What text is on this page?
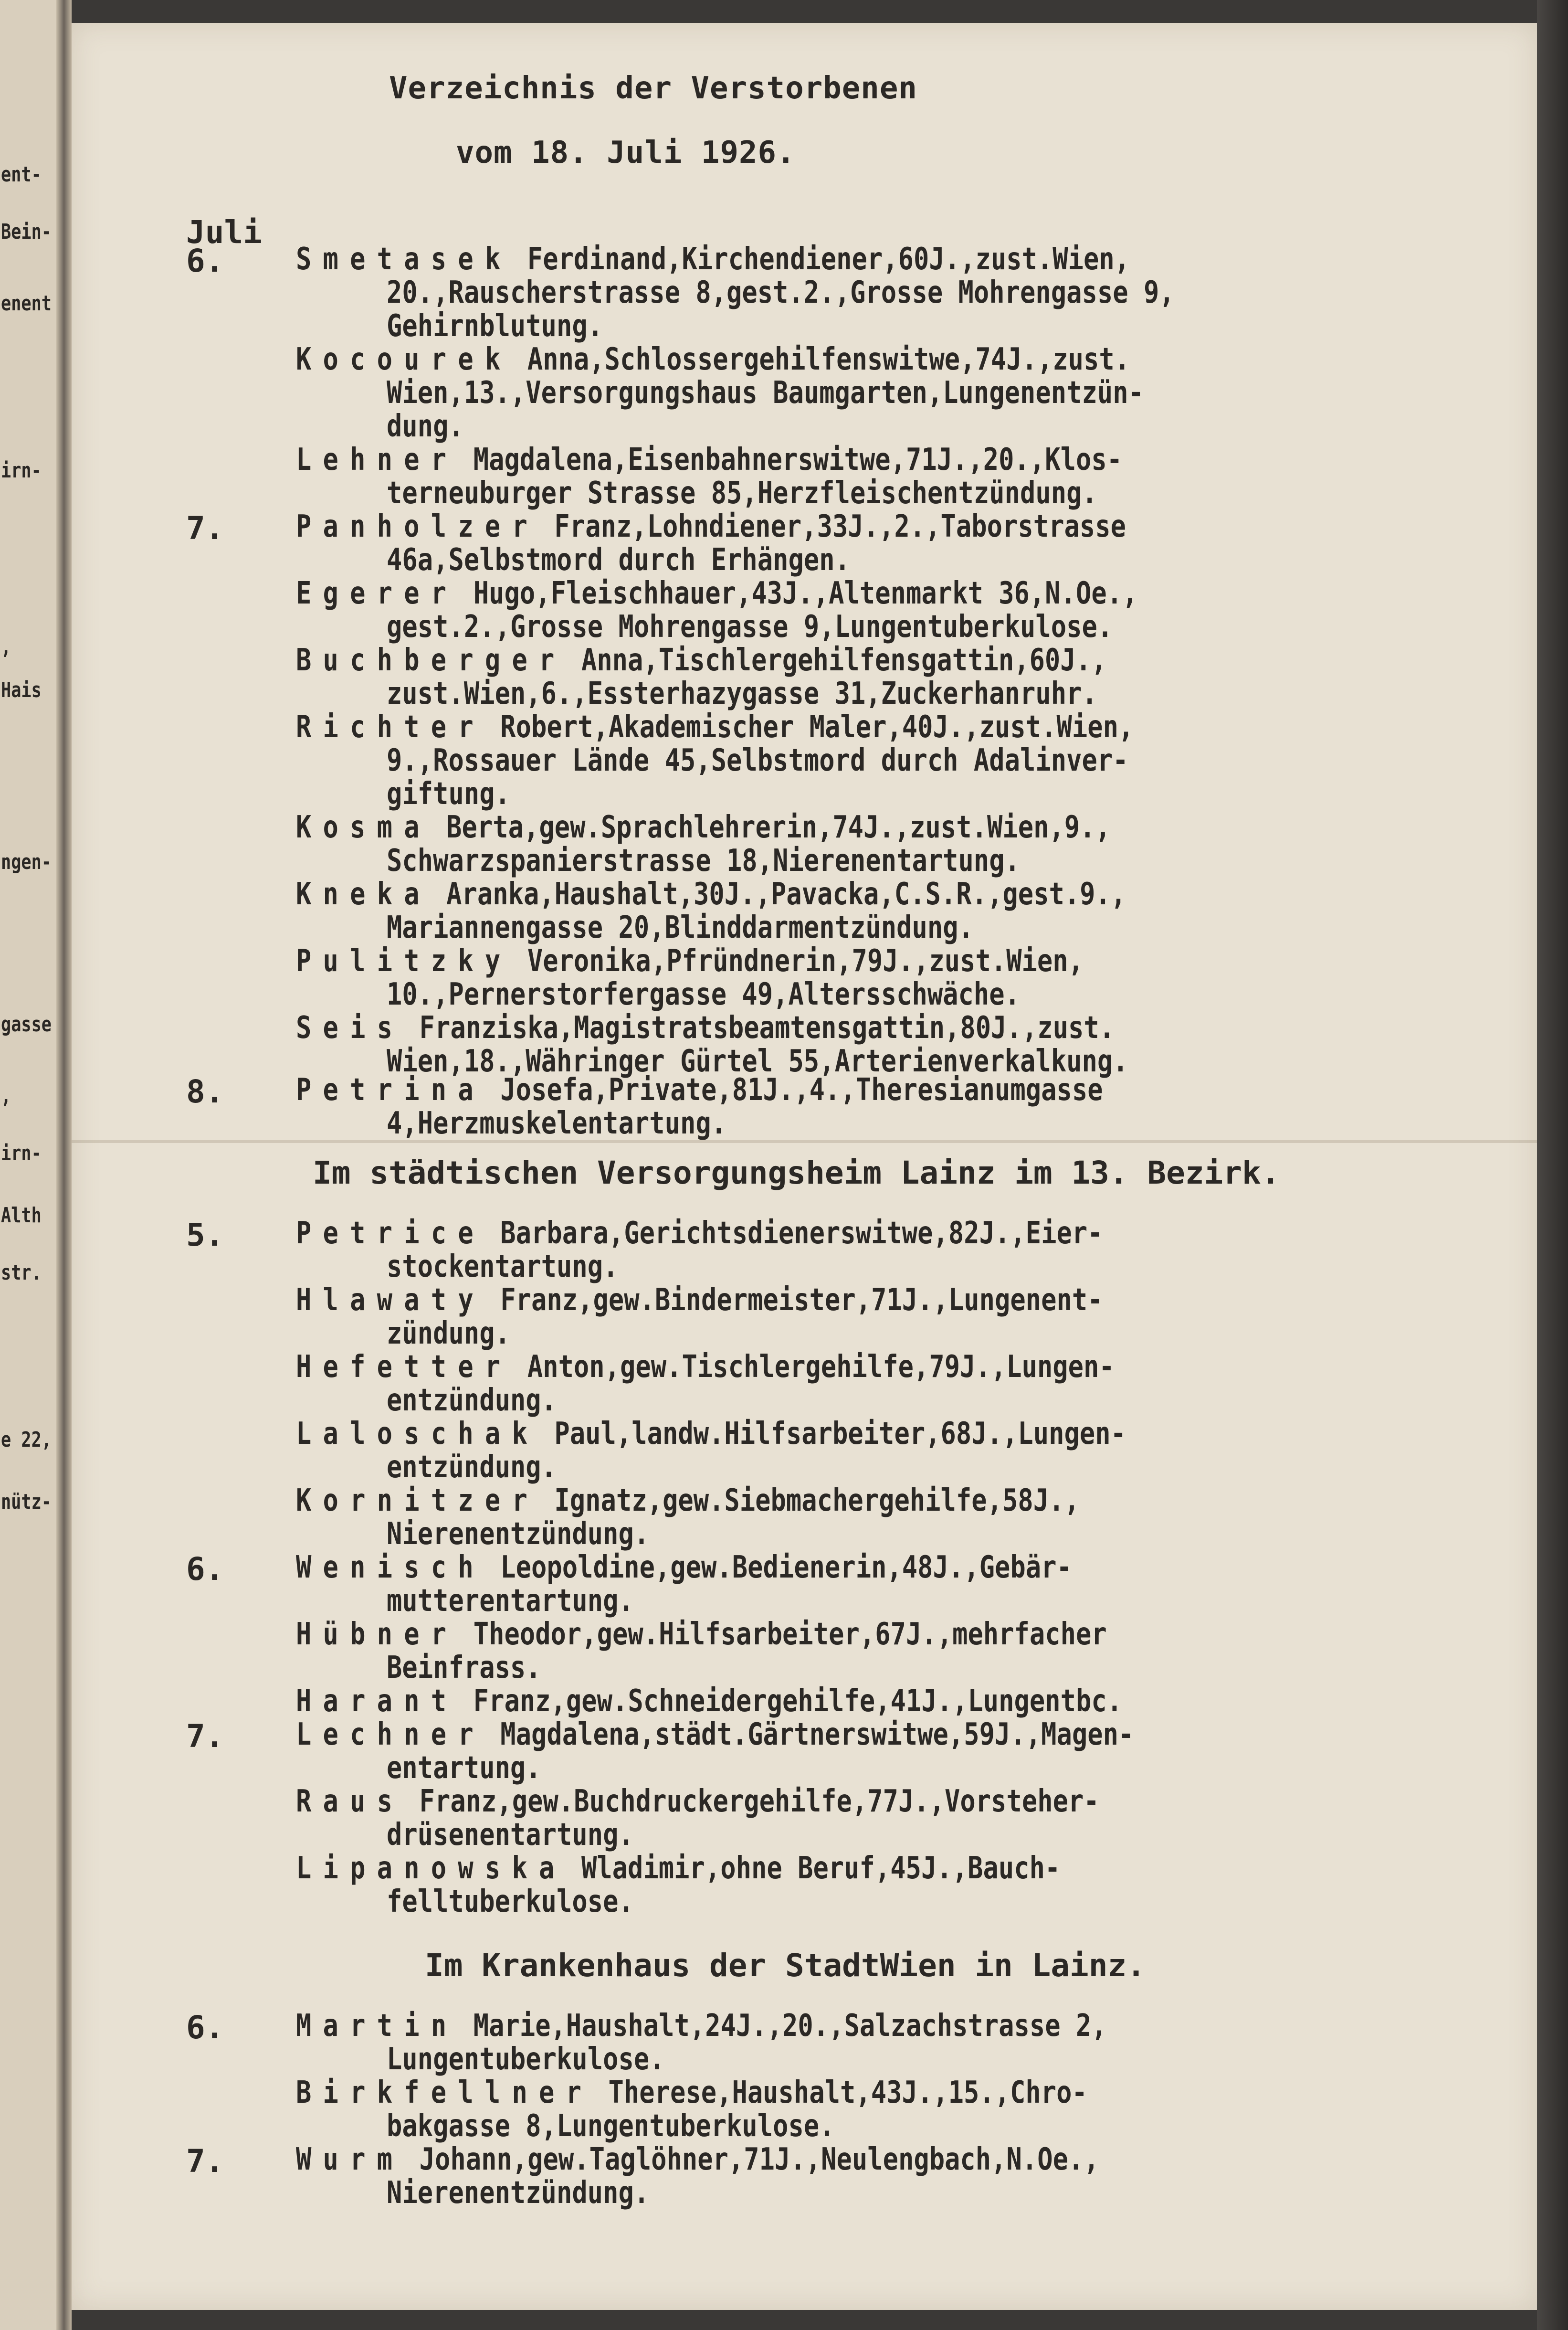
ent-
Bein-
enent
irn-
,
Hais
ngen-
gasse
,
irn-
Alth
str.
e 22,
nütz-
Verzeichnis der Verstorbenen
vom 18. Juli 1926.
Juli
6. Smetasek Ferdinand,Kirchendiener,60J.,zust.Wien,
20.,Rauscherstrasse 8,gest.2.,Grosse Mohrengasse 9,
Gehirnblutung.
Kocourek Anna,Schlossergehilfenswitwe,74J.,zust.
Wien,13.,Versorgungshaus Baumgarten,Lungenentzün-
dung.
Lehner Magdalena,Eisenbahnerswitwe,71J.,20.,Klos-
terneuburger Strasse 85,Herzfleischentzündung.
7. Panholzer Franz,Lohndiener,33J.,2.,Taborstrasse
46a,Selbstmord durch Erhängen.
Egerer Hugo,Fleischhauer,43J.,Altenmarkt 36,N.Oe.,
gest.2.,Grosse Mohrengasse 9,Lungentuberkulose.
Buchberger Anna,Tischlergehilfensgattin,60J.,
zust.Wien,6.,Essterhazygasse 31,Zuckerhanruhr.
Richter Robert,Akademischer Maler,40J.,zust.Wien,
9.,Rossauer Lände 45,Selbstmord durch Adalinver-
giftung.
Kosma Berta,gew.Sprachlehrerin,74J.,zust.Wien,9.,
Schwarzspanierstrasse 18,Nierenentartung.
Kneka Aranka,Haushalt,30J.,Pavacka,C.S.R.,gest.9.,
Mariannengasse 20,Blinddarmentzündung.
Pulitzky Veronika,Pfründnerin,79J.,zust.Wien,
10.,Pernerstorfergasse 49,Altersschwäche.
Seis Franziska,Magistratsbeamtensgattin,80J.,zust.
Wien,18.,Währinger Gürtel 55,Arterienverkalkung.
8. Petrina Josefa,Private,81J.,4.,Theresianumgasse
4,Herzmuskelentartung.
Im städtischen Versorgungsheim Lainz im 13. Bezirk.
5. Petrice Barbara,Gerichtsdienerswitwe,82J.,Eier-
stockentartung.
Hlawaty Franz,gew.Bindermeister,71J.,Lungenent-
zündung.
Hefetter Anton,gew.Tischlergehilfe,79J.,Lungen-
entzündung.
Laloschak Paul,landw.Hilfsarbeiter,68J.,Lungen-
entzündung.
Kornitzer Ignatz,gew.Siebmachergehilfe,58J.,
Nierenentzündung.
6. Wenisch Leopoldine,gew.Bedienerin,48J.,Gebär-
mutterentartung.
Hübner Theodor,gew.Hilfsarbeiter,67J.,mehrfacher
Beinfrass.
Harant Franz,gew.Schneidergehilfe,41J.,Lungentbc.
7. Lechner Magdalena,städt.Gärtnerswitwe,59J.,Magen-
entartung.
Raus Franz,gew.Buchdruckergehilfe,77J.,Vorsteher-
drüsenentartung.
Lipanowska Wladimir,ohne Beruf,45J.,Bauch-
felltuberkulose.
Im Krankenhaus der StadtWien in Lainz.
6. Martin Marie,Haushalt,24J.,20.,Salzachstrasse 2,
Lungentuberkulose.
Birkfellner Therese,Haushalt,43J.,15.,Chro-
bakgasse 8,Lungentuberkulose.
7. Wurm Johann,gew.Taglöhner,71J.,Neulengbach,N.Oe.,
Nierenentzündung.
